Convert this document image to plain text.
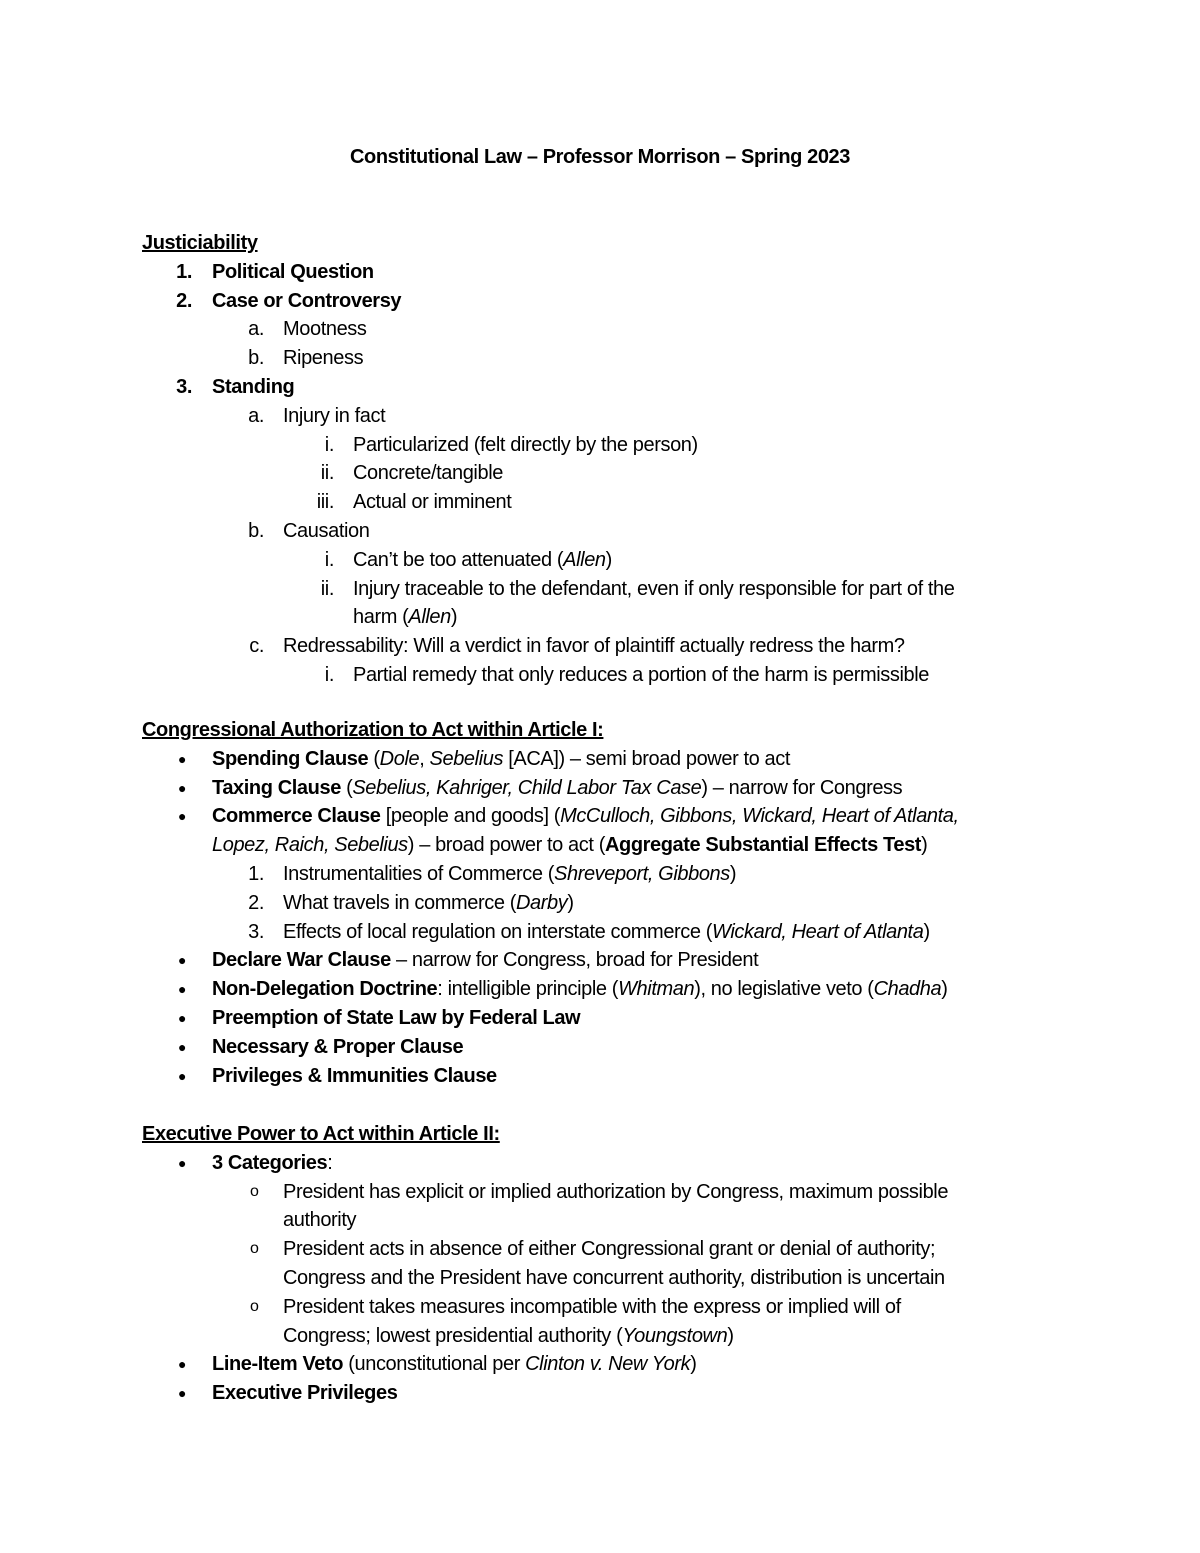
Constitutional Law – Professor Morrison – Spring 2023
Justiciability
1. Political Question
2. Case or Controversy
a. Mootness
b. Ripeness
3. Standing
a. Injury in fact
i. Particularized (felt directly by the person)
ii. Concrete/tangible
iii. Actual or imminent
b. Causation
i. Can’t be too attenuated (Allen)
ii. Injury traceable to the defendant, even if only responsible for part of the
harm (Allen)
c. Redressability: Will a verdict in favor of plaintiff actually redress the harm?
i. Partial remedy that only reduces a portion of the harm is permissible
Congressional Authorization to Act within Article I:
● Spending Clause (Dole, Sebelius [ACA]) – semi broad power to act
● Taxing Clause (Sebelius, Kahriger, Child Labor Tax Case) – narrow for Congress
● Commerce Clause [people and goods] (McCulloch, Gibbons, Wickard, Heart of Atlanta,
Lopez, Raich, Sebelius) – broad power to act (Aggregate Substantial Effects Test)
1. Instrumentalities of Commerce (Shreveport, Gibbons)
2. What travels in commerce (Darby)
3. Effects of local regulation on interstate commerce (Wickard, Heart of Atlanta)
● Declare War Clause – narrow for Congress, broad for President
● Non-Delegation Doctrine: intelligible principle (Whitman), no legislative veto (Chadha)
● Preemption of State Law by Federal Law
● Necessary & Proper Clause
● Privileges & Immunities Clause
Executive Power to Act within Article II:
● 3 Categories:
o President has explicit or implied authorization by Congress, maximum possible
authority
o President acts in absence of either Congressional grant or denial of authority;
Congress and the President have concurrent authority, distribution is uncertain
o President takes measures incompatible with the express or implied will of
Congress; lowest presidential authority (Youngstown)
● Line-Item Veto (unconstitutional per Clinton v. New York)
● Executive Privileges
